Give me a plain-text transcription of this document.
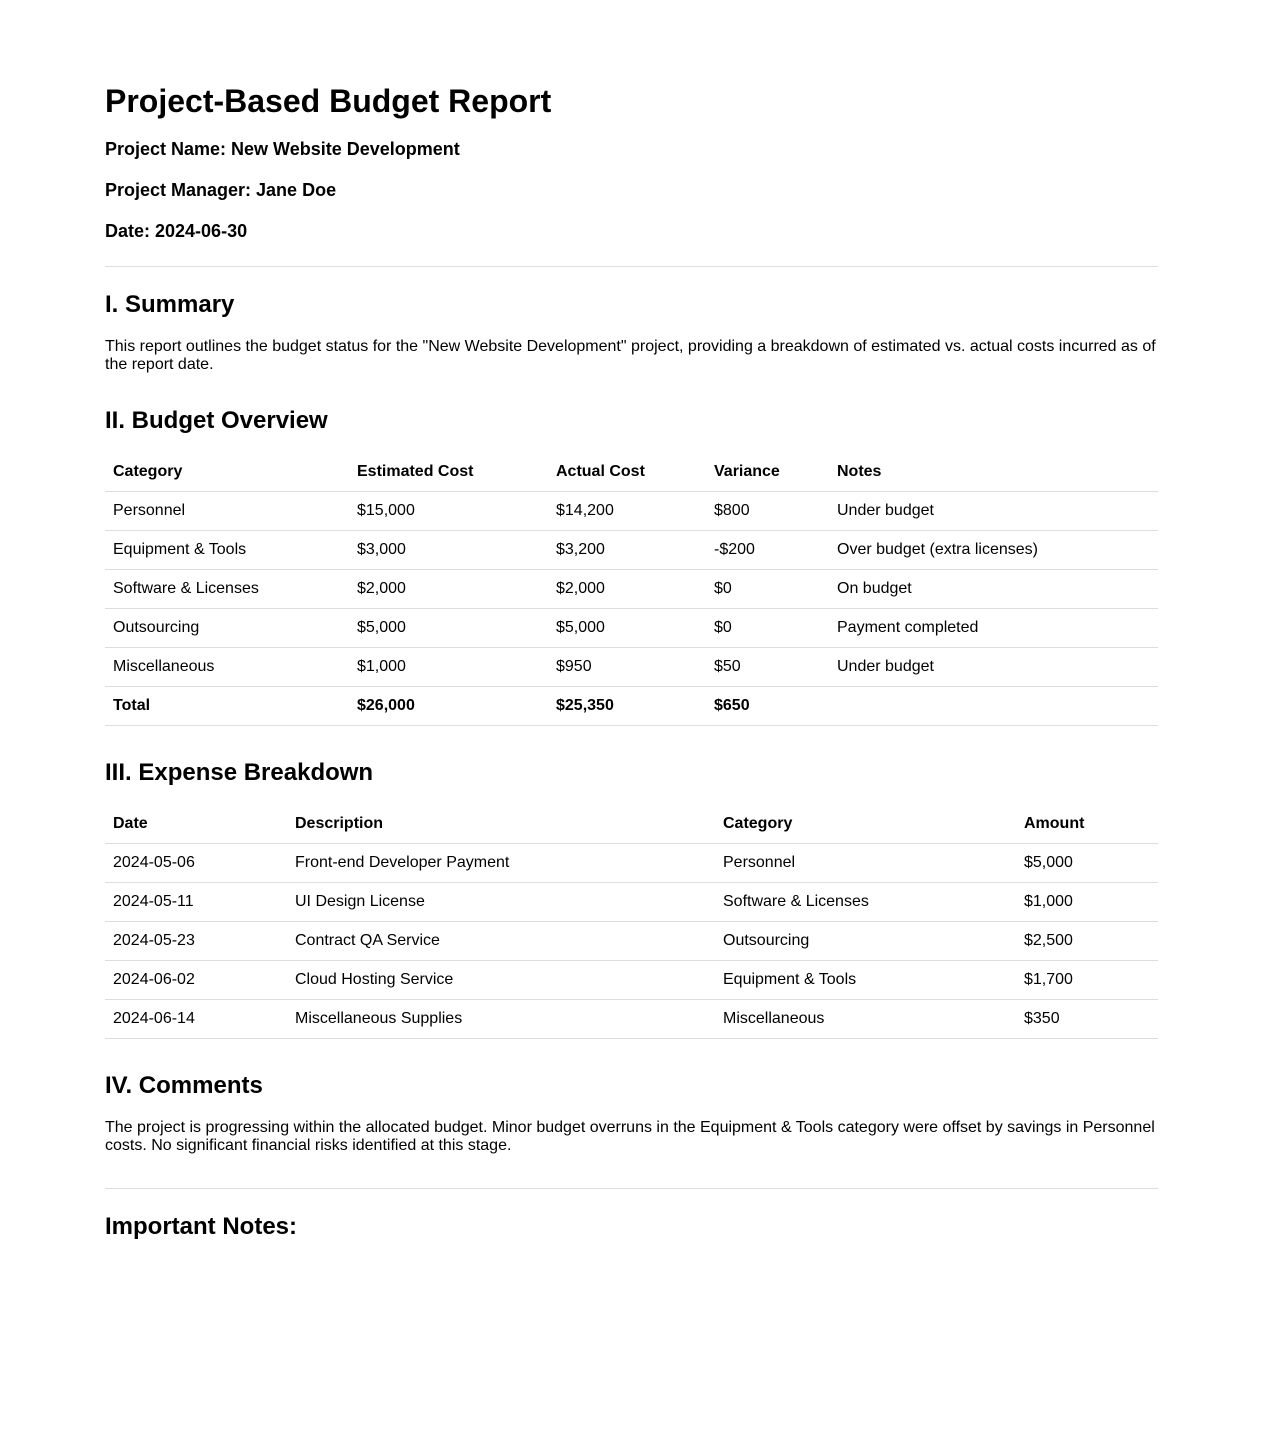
Project-Based Budget Report
Project Name: New Website Development
Project Manager: Jane Doe
Date: 2024-06-30
I. Summary

This report outlines the budget status for the "New Website Development" project, providing a breakdown of estimated vs. actual costs incurred as of the report date.

II. Budget Overview
Category	Estimated Cost	Actual Cost	Variance	Notes
Personnel	$15,000	$14,200	$800	Under budget
Equipment & Tools	$3,000	$3,200	-$200	Over budget (extra licenses)
Software & Licenses	$2,000	$2,000	$0	On budget
Outsourcing	$5,000	$5,000	$0	Payment completed
Miscellaneous	$1,000	$950	$50	Under budget
Total	$26,000	$25,350	$650	
III. Expense Breakdown
Date	Description	Category	Amount
2024-05-06	Front-end Developer Payment	Personnel	$5,000
2024-05-11	UI Design License	Software & Licenses	$1,000
2024-05-23	Contract QA Service	Outsourcing	$2,500
2024-06-02	Cloud Hosting Service	Equipment & Tools	$1,700
2024-06-14	Miscellaneous Supplies	Miscellaneous	$350
IV. Comments

The project is progressing within the allocated budget. Minor budget overruns in the Equipment & Tools category were offset by savings in Personnel costs. No significant financial risks identified at this stage.

Important Notes:
